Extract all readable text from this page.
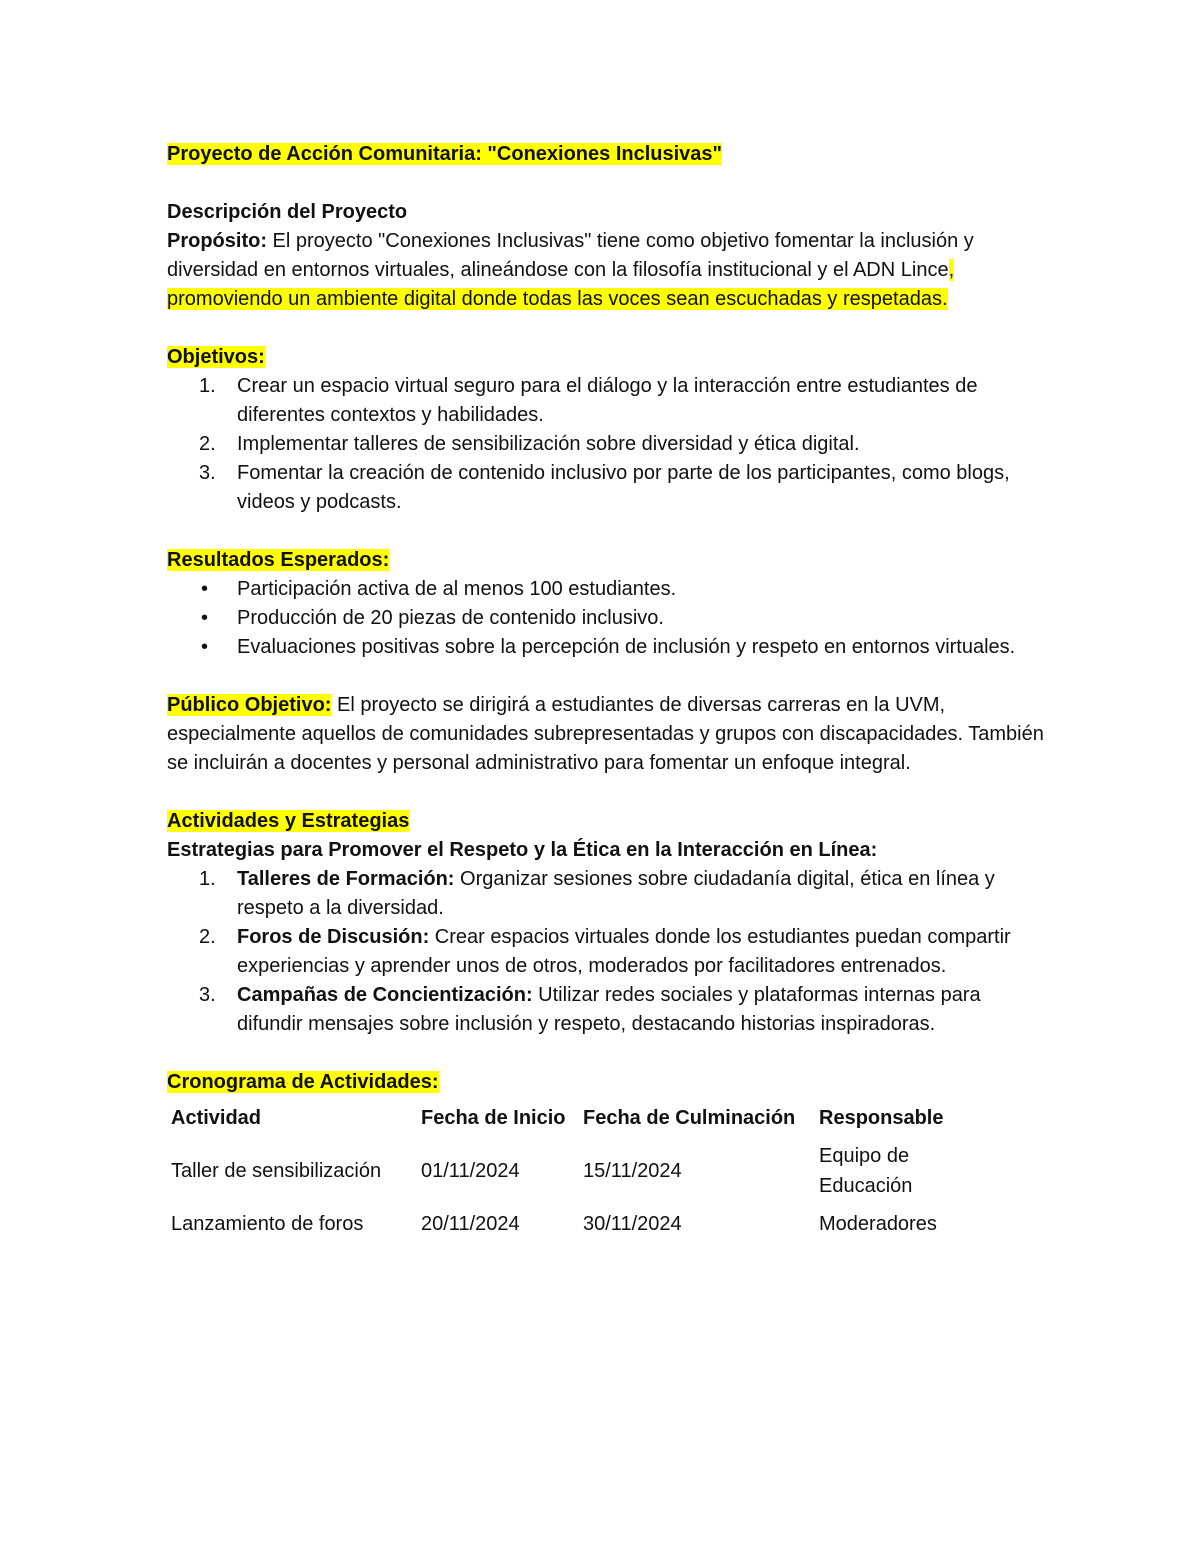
Proyecto de Acción Comunitaria: "Conexiones Inclusivas"

Descripción del Proyecto

Propósito: El proyecto "Conexiones Inclusivas" tiene como objetivo fomentar la inclusión y diversidad en entornos virtuales, alineándose con la filosofía institucional y el ADN Lince, promoviendo un ambiente digital donde todas las voces sean escuchadas y respetadas.

Objetivos:

Crear un espacio virtual seguro para el diálogo y la interacción entre estudiantes de diferentes contextos y habilidades.
Implementar talleres de sensibilización sobre diversidad y ética digital.
Fomentar la creación de contenido inclusivo por parte de los participantes, como blogs, videos y podcasts.

Resultados Esperados:

• Participación activa de al menos 100 estudiantes.
• Producción de 20 piezas de contenido inclusivo.
• Evaluaciones positivas sobre la percepción de inclusión y respeto en entornos virtuales.

Público Objetivo: El proyecto se dirigirá a estudiantes de diversas carreras en la UVM, especialmente aquellos de comunidades subrepresentadas y grupos con discapacidades. También se incluirán a docentes y personal administrativo para fomentar un enfoque integral.

Actividades y Estrategias

Estrategias para Promover el Respeto y la Ética en la Interacción en Línea:

Talleres de Formación: Organizar sesiones sobre ciudadanía digital, ética en línea y respeto a la diversidad.
Foros de Discusión: Crear espacios virtuales donde los estudiantes puedan compartir experiencias y aprender unos de otros, moderados por facilitadores entrenados.
Campañas de Concientización: Utilizar redes sociales y plataformas internas para difundir mensajes sobre inclusión y respeto, destacando historias inspiradoras.

Cronograma de Actividades:

Actividad	Fecha de Inicio	Fecha de Culminación	Responsable
Taller de sensibilización	01/11/2024	15/11/2024	Equipo de Educación
Lanzamiento de foros	20/11/2024	30/11/2024	Moderadores
